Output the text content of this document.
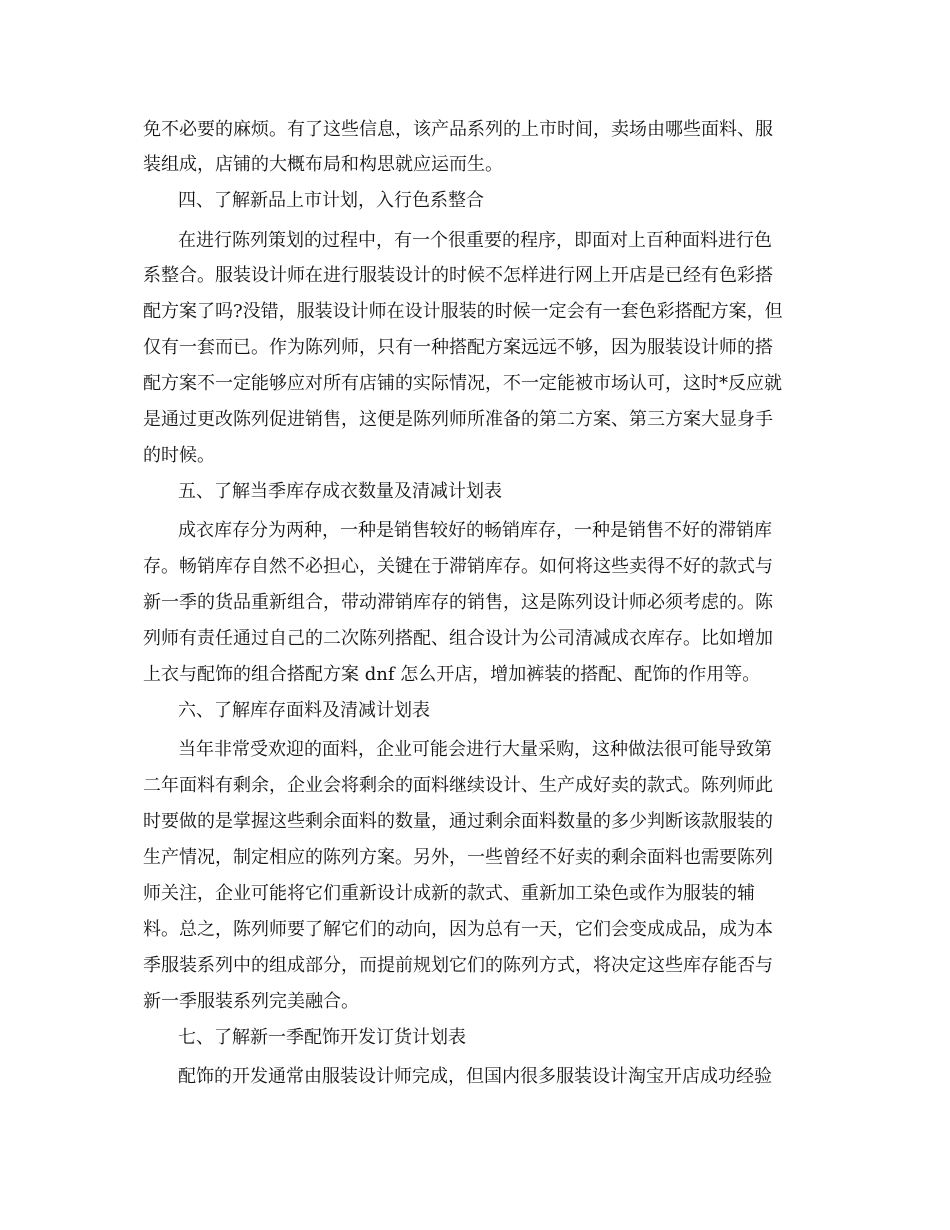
免不必要的麻烦。有了这些信息，该产品系列的上市时间，卖场由哪些面料、服
装组成，店铺的大概布局和构思就应运而生。
四、了解新品上市计划，入行色系整合
在进行陈列策划的过程中，有一个很重要的程序，即面对上百种面料进行色
系整合。服装设计师在进行服装设计的时候不怎样进行网上开店是已经有色彩搭
配方案了吗?没错，服装设计师在设计服装的时候一定会有一套色彩搭配方案，但
仅有一套而已。作为陈列师，只有一种搭配方案远远不够，因为服装设计师的搭
配方案不一定能够应对所有店铺的实际情况，不一定能被市场认可，这时*反应就
是通过更改陈列促进销售，这便是陈列师所准备的第二方案、第三方案大显身手
的时候。
五、了解当季库存成衣数量及清减计划表
成衣库存分为两种，一种是销售较好的畅销库存，一种是销售不好的滞销库
存。畅销库存自然不必担心，关键在于滞销库存。如何将这些卖得不好的款式与
新一季的货品重新组合，带动滞销库存的销售，这是陈列设计师必须考虑的。陈
列师有责任通过自己的二次陈列搭配、组合设计为公司清减成衣库存。比如增加
上衣与配饰的组合搭配方案 dnf 怎么开店，增加裤装的搭配、配饰的作用等。
六、了解库存面料及清减计划表
当年非常受欢迎的面料，企业可能会进行大量采购，这种做法很可能导致第
二年面料有剩余，企业会将剩余的面料继续设计、生产成好卖的款式。陈列师此
时要做的是掌握这些剩余面料的数量，通过剩余面料数量的多少判断该款服装的
生产情况，制定相应的陈列方案。另外，一些曾经不好卖的剩余面料也需要陈列
师关注，企业可能将它们重新设计成新的款式、重新加工染色或作为服装的辅
料。总之，陈列师要了解它们的动向，因为总有一天，它们会变成成品，成为本
季服装系列中的组成部分，而提前规划它们的陈列方式，将决定这些库存能否与
新一季服装系列完美融合。
七、了解新一季配饰开发订货计划表
配饰的开发通常由服装设计师完成，但国内很多服装设计淘宝开店成功经验
